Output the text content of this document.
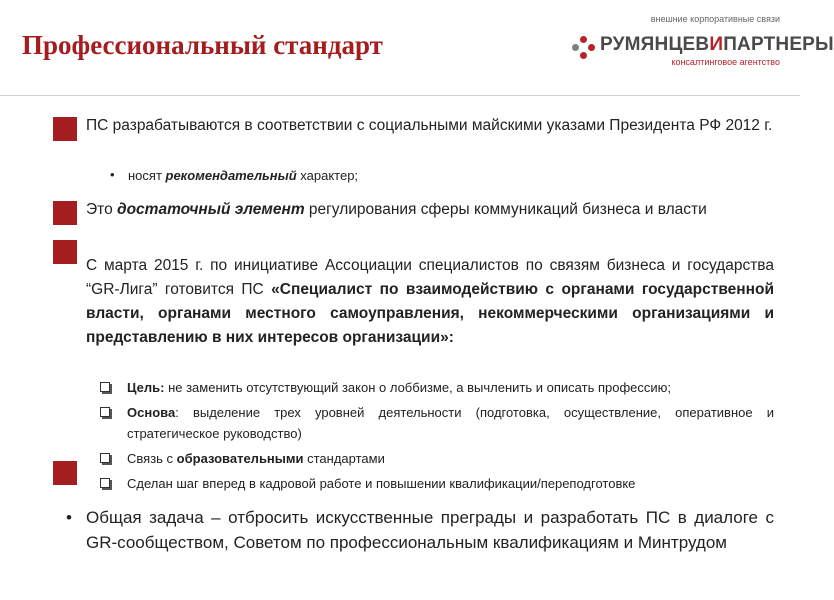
Профессиональный стандарт
внешние корпоративные связи
РУМЯНЦЕВИПАРТНЕРЫ
консалтинговое агентство

ПС разрабатываются в соответствии с социальными майскими указами Президента РФ 2012 г.

• носят рекомендательный характер;

Это достаточный элемент регулирования сферы коммуникаций бизнеса и власти

С марта 2015 г. по инициативе Ассоциации специалистов по связям бизнеса и государства “GR-Лига” готовится ПС «Специалист по взаимодействию с органами государственной власти, органами местного самоуправления, некоммерческими организациями и представлению в них интересов организации»:

Цель: не заменить отсутствующий закон о лоббизме, а вычленить и описать профессию;
Основа: выделение трех уровней деятельности (подготовка, осуществление, оперативное и стратегическое руководство)
Связь с образовательными стандартами
Сделан шаг вперед в кадровой работе и повышении квалификации/переподготовке
• Общая задача – отбросить искусственные преграды и разработать ПС в диалоге с GR-сообществом, Советом по профессиональным квалификациям и Минтрудом
